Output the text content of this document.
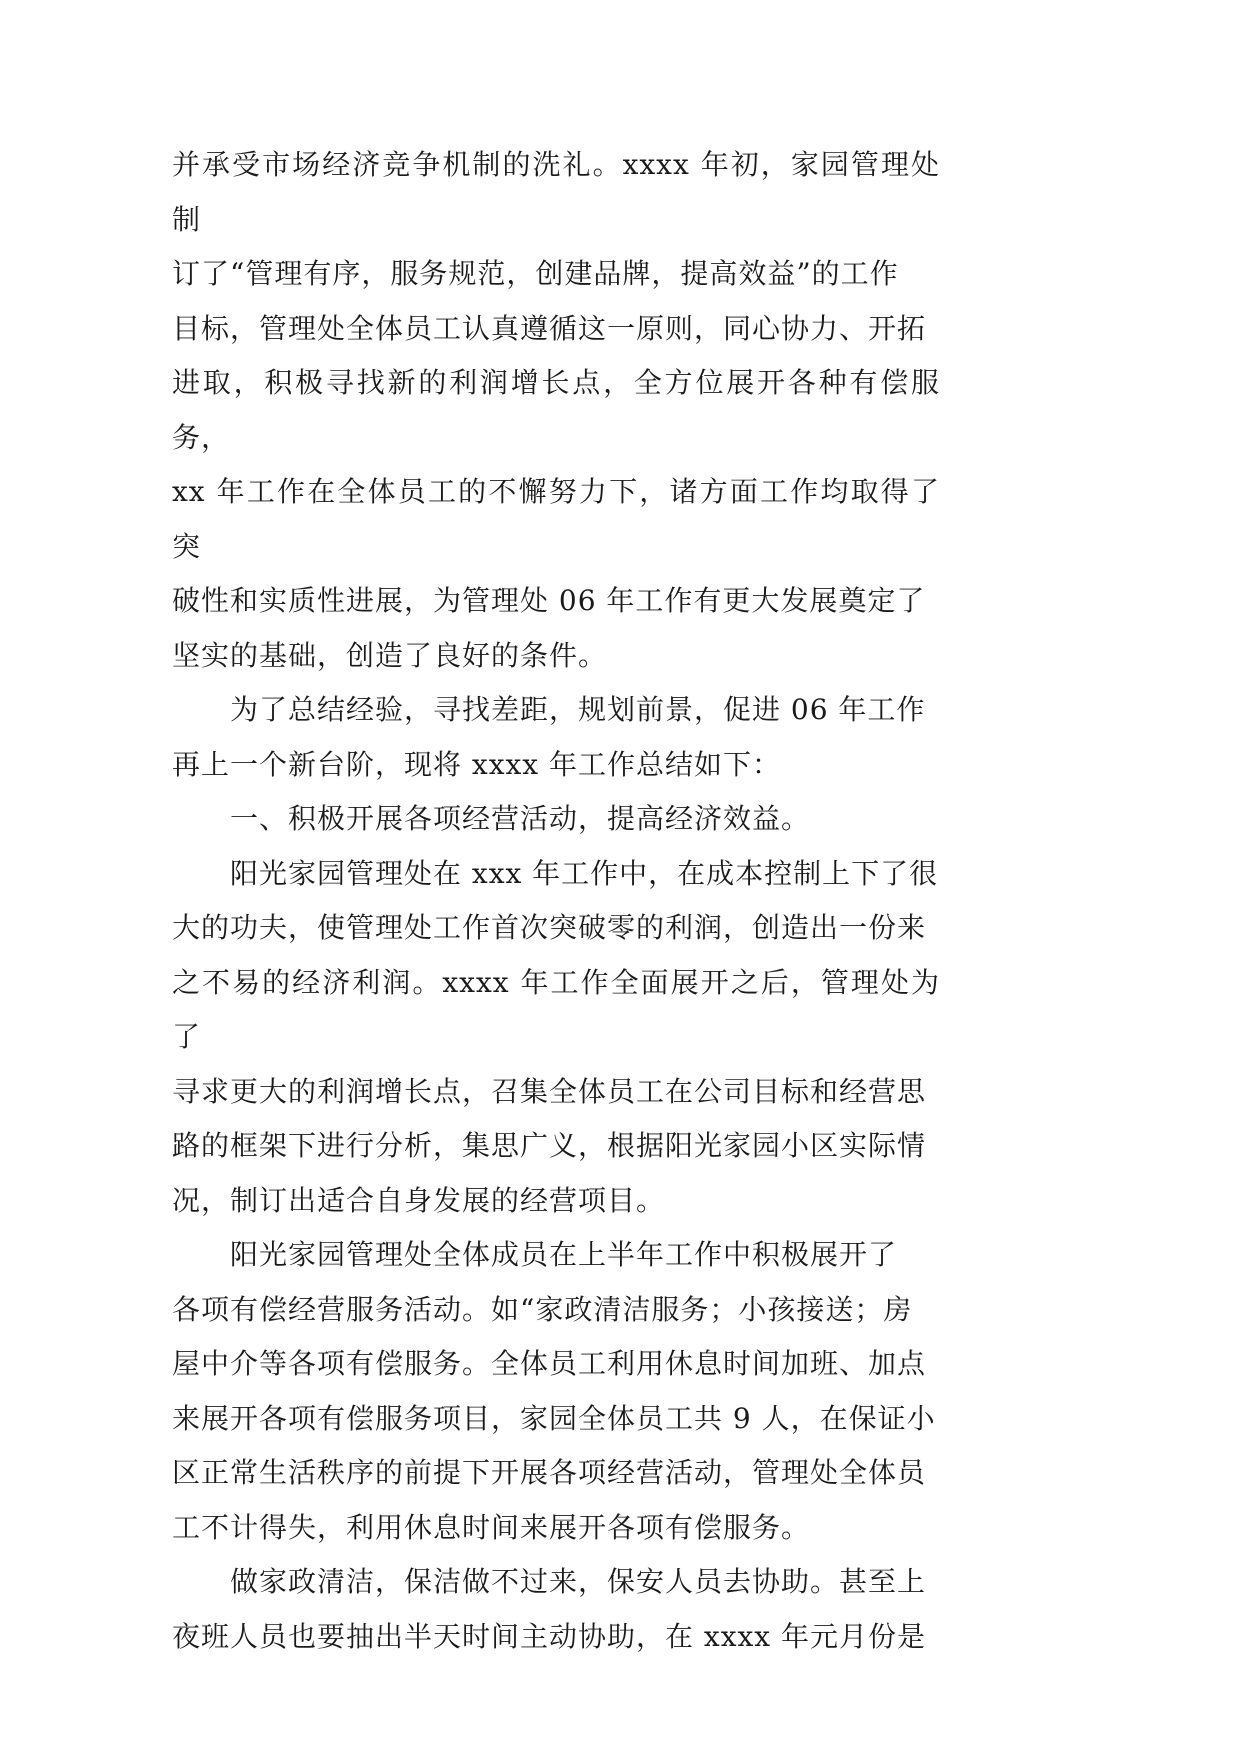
并承受市场经济竞争机制的洗礼。xxxx 年初，家园管理处制
订了“管理有序，服务规范，创建品牌，提高效益”的工作
目标，管理处全体员工认真遵循这一原则，同心协力、开拓
进取，积极寻找新的利润增长点，全方位展开各种有偿服务，
xx 年工作在全体员工的不懈努力下，诸方面工作均取得了突
破性和实质性进展，为管理处 06 年工作有更大发展奠定了
坚实的基础，创造了良好的条件。

为了总结经验，寻找差距，规划前景，促进 06 年工作
再上一个新台阶，现将 xxxx 年工作总结如下：

一、积极开展各项经营活动，提高经济效益。

阳光家园管理处在 xxx 年工作中，在成本控制上下了很
大的功夫，使管理处工作首次突破零的利润，创造出一份来
之不易的经济利润。xxxx 年工作全面展开之后，管理处为了
寻求更大的利润增长点，召集全体员工在公司目标和经营思
路的框架下进行分析，集思广义，根据阳光家园小区实际情
况，制订出适合自身发展的经营项目。

阳光家园管理处全体成员在上半年工作中积极展开了
各项有偿经营服务活动。如“家政清洁服务；小孩接送；房
屋中介等各项有偿服务。全体员工利用休息时间加班、加点
来展开各项有偿服务项目，家园全体员工共 9 人，在保证小
区正常生活秩序的前提下开展各项经营活动，管理处全体员
工不计得失，利用休息时间来展开各项有偿服务。

做家政清洁，保洁做不过来，保安人员去协助。甚至上
夜班人员也要抽出半天时间主动协助，在 xxxx 年元月份是
